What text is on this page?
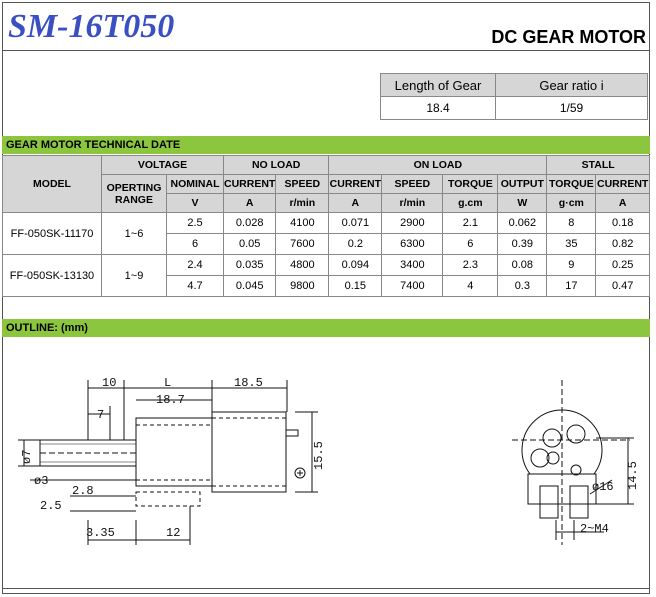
SM-16T050	DC GEAR MOTOR
Length of Gear	Gear ratio i
18.4	1/59
GEAR MOTOR TECHNICAL DATE
MODEL	VOLTAGE		NO LOAD		ON LOAD				STALL	
	OPERTING RANGE	NOMINAL	CURRENT	SPEED	CURRENT	SPEED	TORQUE	OUTPUT	TORQUE	CURRENT
		V	A	r/min	A	r/min	g.cm	W	g·cm	A
FF-050SK-11170	1~6	2.5	0.028	4100	0.071	2900	2.1	0.062	8	0.18
		6	0.05	7600	0.2	6300	6	0.39	35	0.82
FF-050SK-13130	1~9	2.4	0.035	4800	0.094	3400	2.3	0.08	9	0.25
		4.7	0.045	9800	0.15	7400	4	0.3	17	0.47
OUTLINE: (mm)
10	L	18.5
18.7
7
ø7
ø3
2.8
2.5
3.35	12
15.5
ø16 14.5
2~M4
